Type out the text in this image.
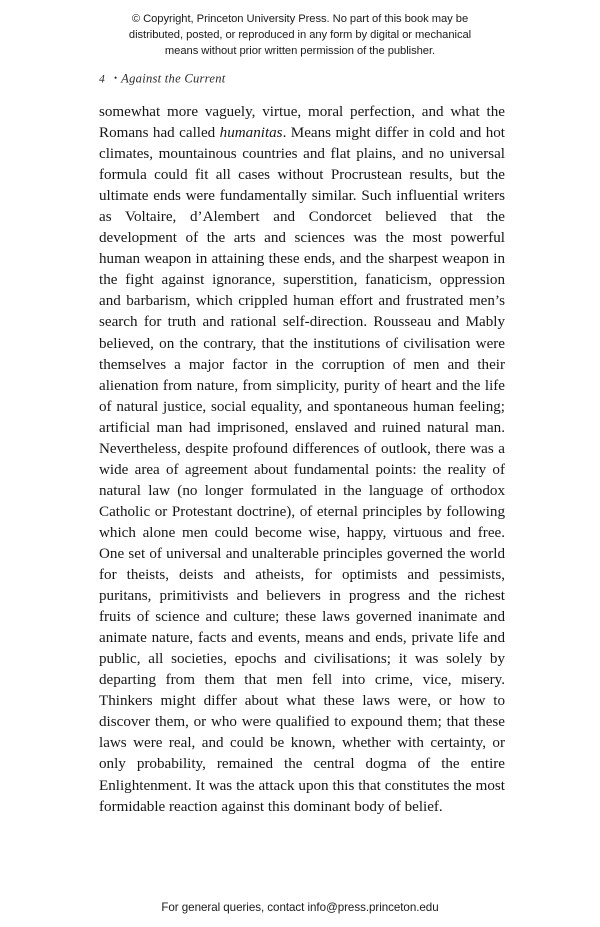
© Copyright, Princeton University Press. No part of this book may be
distributed, posted, or reproduced in any form by digital or mechanical
means without prior written permission of the publisher.
4 • Against the Current

somewhat more vaguely, virtue, moral perfection, and what the Romans had called humanitas. Means might differ in cold and hot climates, mountainous countries and flat plains, and no universal formula could fit all cases without Procrustean results, but the ultimate ends were fundamentally similar. Such influential writers as Voltaire, d’Alembert and Condorcet believed that the development of the arts and sciences was the most powerful human weapon in attaining these ends, and the sharpest weapon in the fight against ignorance, superstition, fanaticism, oppression and barbarism, which crippled human effort and frustrated men’s search for truth and rational self-direction. Rousseau and Mably believed, on the contrary, that the institutions of civilisation were themselves a major factor in the corruption of men and their alienation from nature, from simplicity, purity of heart and the life of natural justice, social equality, and spontaneous human feeling; artificial man had imprisoned, enslaved and ruined natural man. Nevertheless, despite profound differences of outlook, there was a wide area of agreement about fundamental points: the reality of natural law (no longer formulated in the language of orthodox Catholic or Protestant doctrine), of eternal principles by following which alone men could become wise, happy, virtuous and free. One set of universal and unalterable principles governed the world for theists, deists and atheists, for optimists and pessimists, puritans, primitivists and believers in progress and the richest fruits of science and culture; these laws governed inanimate and animate nature, facts and events, means and ends, private life and public, all societies, epochs and civilisations; it was solely by departing from them that men fell into crime, vice, misery. Thinkers might differ about what these laws were, or how to discover them, or who were qualified to expound them; that these laws were real, and could be known, whether with certainty, or only probability, remained the central dogma of the entire Enlightenment. It was the attack upon this that constitutes the most formidable reaction against this dominant body of belief.

For general queries, contact info@press.princeton.edu
